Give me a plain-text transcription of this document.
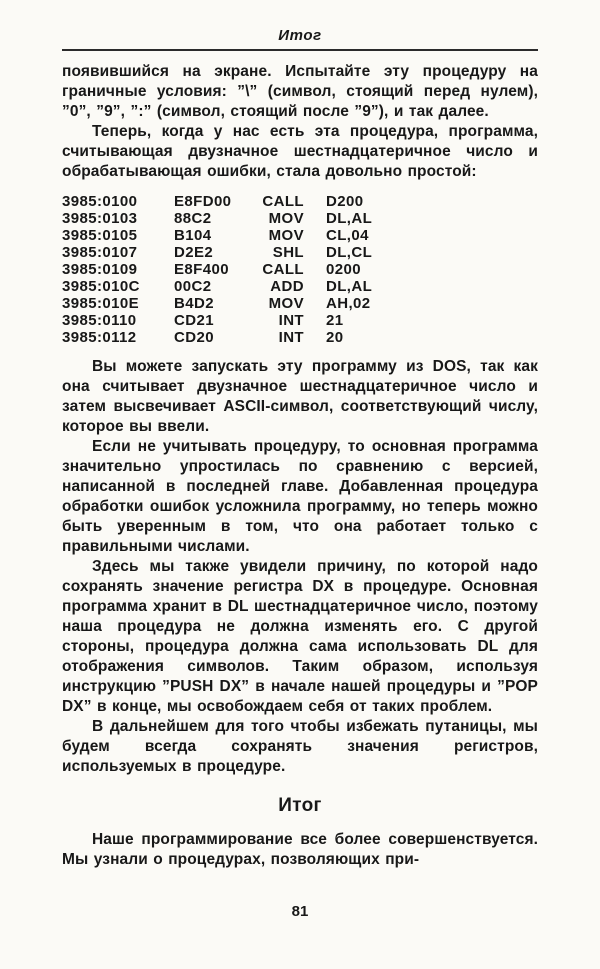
Итог

появившийся на экране. Испытайте эту процедуру на граничные условия: ”\” (символ, стоящий перед нулем), ”0”, ”9”, ”:” (символ, стоящий после ”9”), и так далее.

Теперь, когда у нас есть эта процедура, программа, считывающая двузначное шестнадцатеричное число и обрабатывающая ошибки, стала довольно простой:

3985:0100	E8FD00	CALL	D200
3985:0103	88C2	MOV	DL,AL
3985:0105	B104	MOV	CL,04
3985:0107	D2E2	SHL	DL,CL
3985:0109	E8F400	CALL	0200
3985:010C	00C2	ADD	DL,AL
3985:010E	B4D2	MOV	AH,02
3985:0110	CD21	INT	21
3985:0112	CD20	INT	20

Вы можете запускать эту программу из DOS, так как она считывает двузначное шестнадцатеричное число и затем высвечивает ASCII-символ, соответствующий числу, которое вы ввели.

Если не учитывать процедуру, то основная программа значительно упростилась по сравнению с версией, написанной в последней главе. Добавленная процедура обработки ошибок усложнила программу, но теперь можно быть уверенным в том, что она работает только с правильными числами.

Здесь мы также увидели причину, по которой надо сохранять значение регистра DX в процедуре. Основная программа хранит в DL шестнадцатеричное число, поэтому наша процедура не должна изменять его. С другой стороны, процедура должна сама использовать DL для отображения символов. Таким образом, используя инструкцию ”PUSH DX” в начале нашей процедуры и ”POP DX” в конце, мы освобождаем себя от таких проблем.

В дальнейшем для того чтобы избежать путаницы, мы будем всегда сохранять значения регистров, используемых в процедуре.

Итог

Наше программирование все более совершенствуется. Мы узнали о процедурах, позволяющих при-

81
